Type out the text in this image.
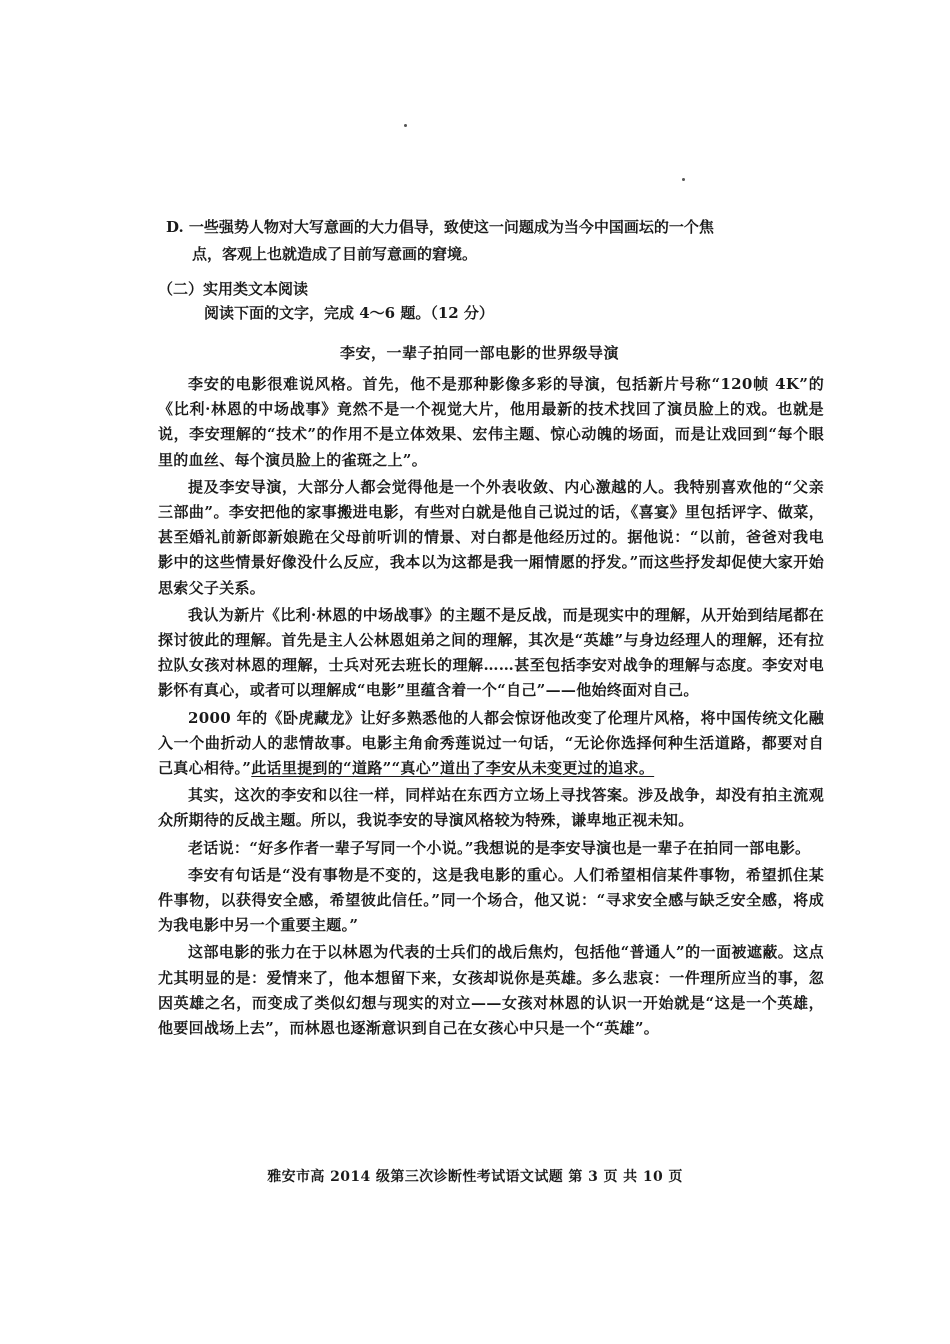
D. 一些强势人物对大写意画的大力倡导，致使这一问题成为当今中国画坛的一个焦
点，客观上也就造成了目前写意画的窘境。
（二）实用类文本阅读
阅读下面的文字，完成 4～6 题。（12 分）
李安，一辈子拍同一部电影的世界级导演

李安的电影很难说风格。首先，他不是那种影像多彩的导演，包括新片号称“120帧 4K”的《比利·林恩的中场战事》竟然不是一个视觉大片，他用最新的技术找回了演员脸上的戏。也就是说，李安理解的“技术”的作用不是立体效果、宏伟主题、惊心动魄的场面，而是让戏回到“每个眼里的血丝、每个演员脸上的雀斑之上”。

提及李安导演，大部分人都会觉得他是一个外表收敛、内心激越的人。我特别喜欢他的“父亲三部曲”。李安把他的家事搬进电影，有些对白就是他自己说过的话，《喜宴》里包括评字、做菜，甚至婚礼前新郎新娘跪在父母前听训的情景、对白都是他经历过的。据他说：“以前，爸爸对我电影中的这些情景好像没什么反应，我本以为这都是我一厢情愿的抒发。”而这些抒发却促使大家开始思索父子关系。

我认为新片《比利·林恩的中场战事》的主题不是反战，而是现实中的理解，从开始到结尾都在探讨彼此的理解。首先是主人公林恩姐弟之间的理解，其次是“英雄”与身边经理人的理解，还有拉拉队女孩对林恩的理解，士兵对死去班长的理解……甚至包括李安对战争的理解与态度。李安对电影怀有真心，或者可以理解成“电影”里蕴含着一个“自己”——他始终面对自己。

2000 年的《卧虎藏龙》让好多熟悉他的人都会惊讶他改变了伦理片风格，将中国传统文化融入一个曲折动人的悲情故事。电影主角俞秀莲说过一句话，“无论你选择何种生活道路，都要对自己真心相待。”此话里提到的“道路”“真心”道出了李安从未变更过的追求。

其实，这次的李安和以往一样，同样站在东西方立场上寻找答案。涉及战争，却没有拍主流观众所期待的反战主题。所以，我说李安的导演风格较为特殊，谦卑地正视未知。

老话说：“好多作者一辈子写同一个小说。”我想说的是李安导演也是一辈子在拍同一部电影。

李安有句话是“没有事物是不变的，这是我电影的重心。人们希望相信某件事物，希望抓住某件事物，以获得安全感，希望彼此信任。”同一个场合，他又说：“寻求安全感与缺乏安全感，将成为我电影中另一个重要主题。”

这部电影的张力在于以林恩为代表的士兵们的战后焦灼，包括他“普通人”的一面被遮蔽。这点尤其明显的是：爱情来了，他本想留下来，女孩却说你是英雄。多么悲哀：一件理所应当的事，忽因英雄之名，而变成了类似幻想与现实的对立——女孩对林恩的认识一开始就是“这是一个英雄，他要回战场上去”，而林恩也逐渐意识到自己在女孩心中只是一个“英雄”。

雅安市高 2014 级第三次诊断性考试语文试题 第 3 页 共 10 页
